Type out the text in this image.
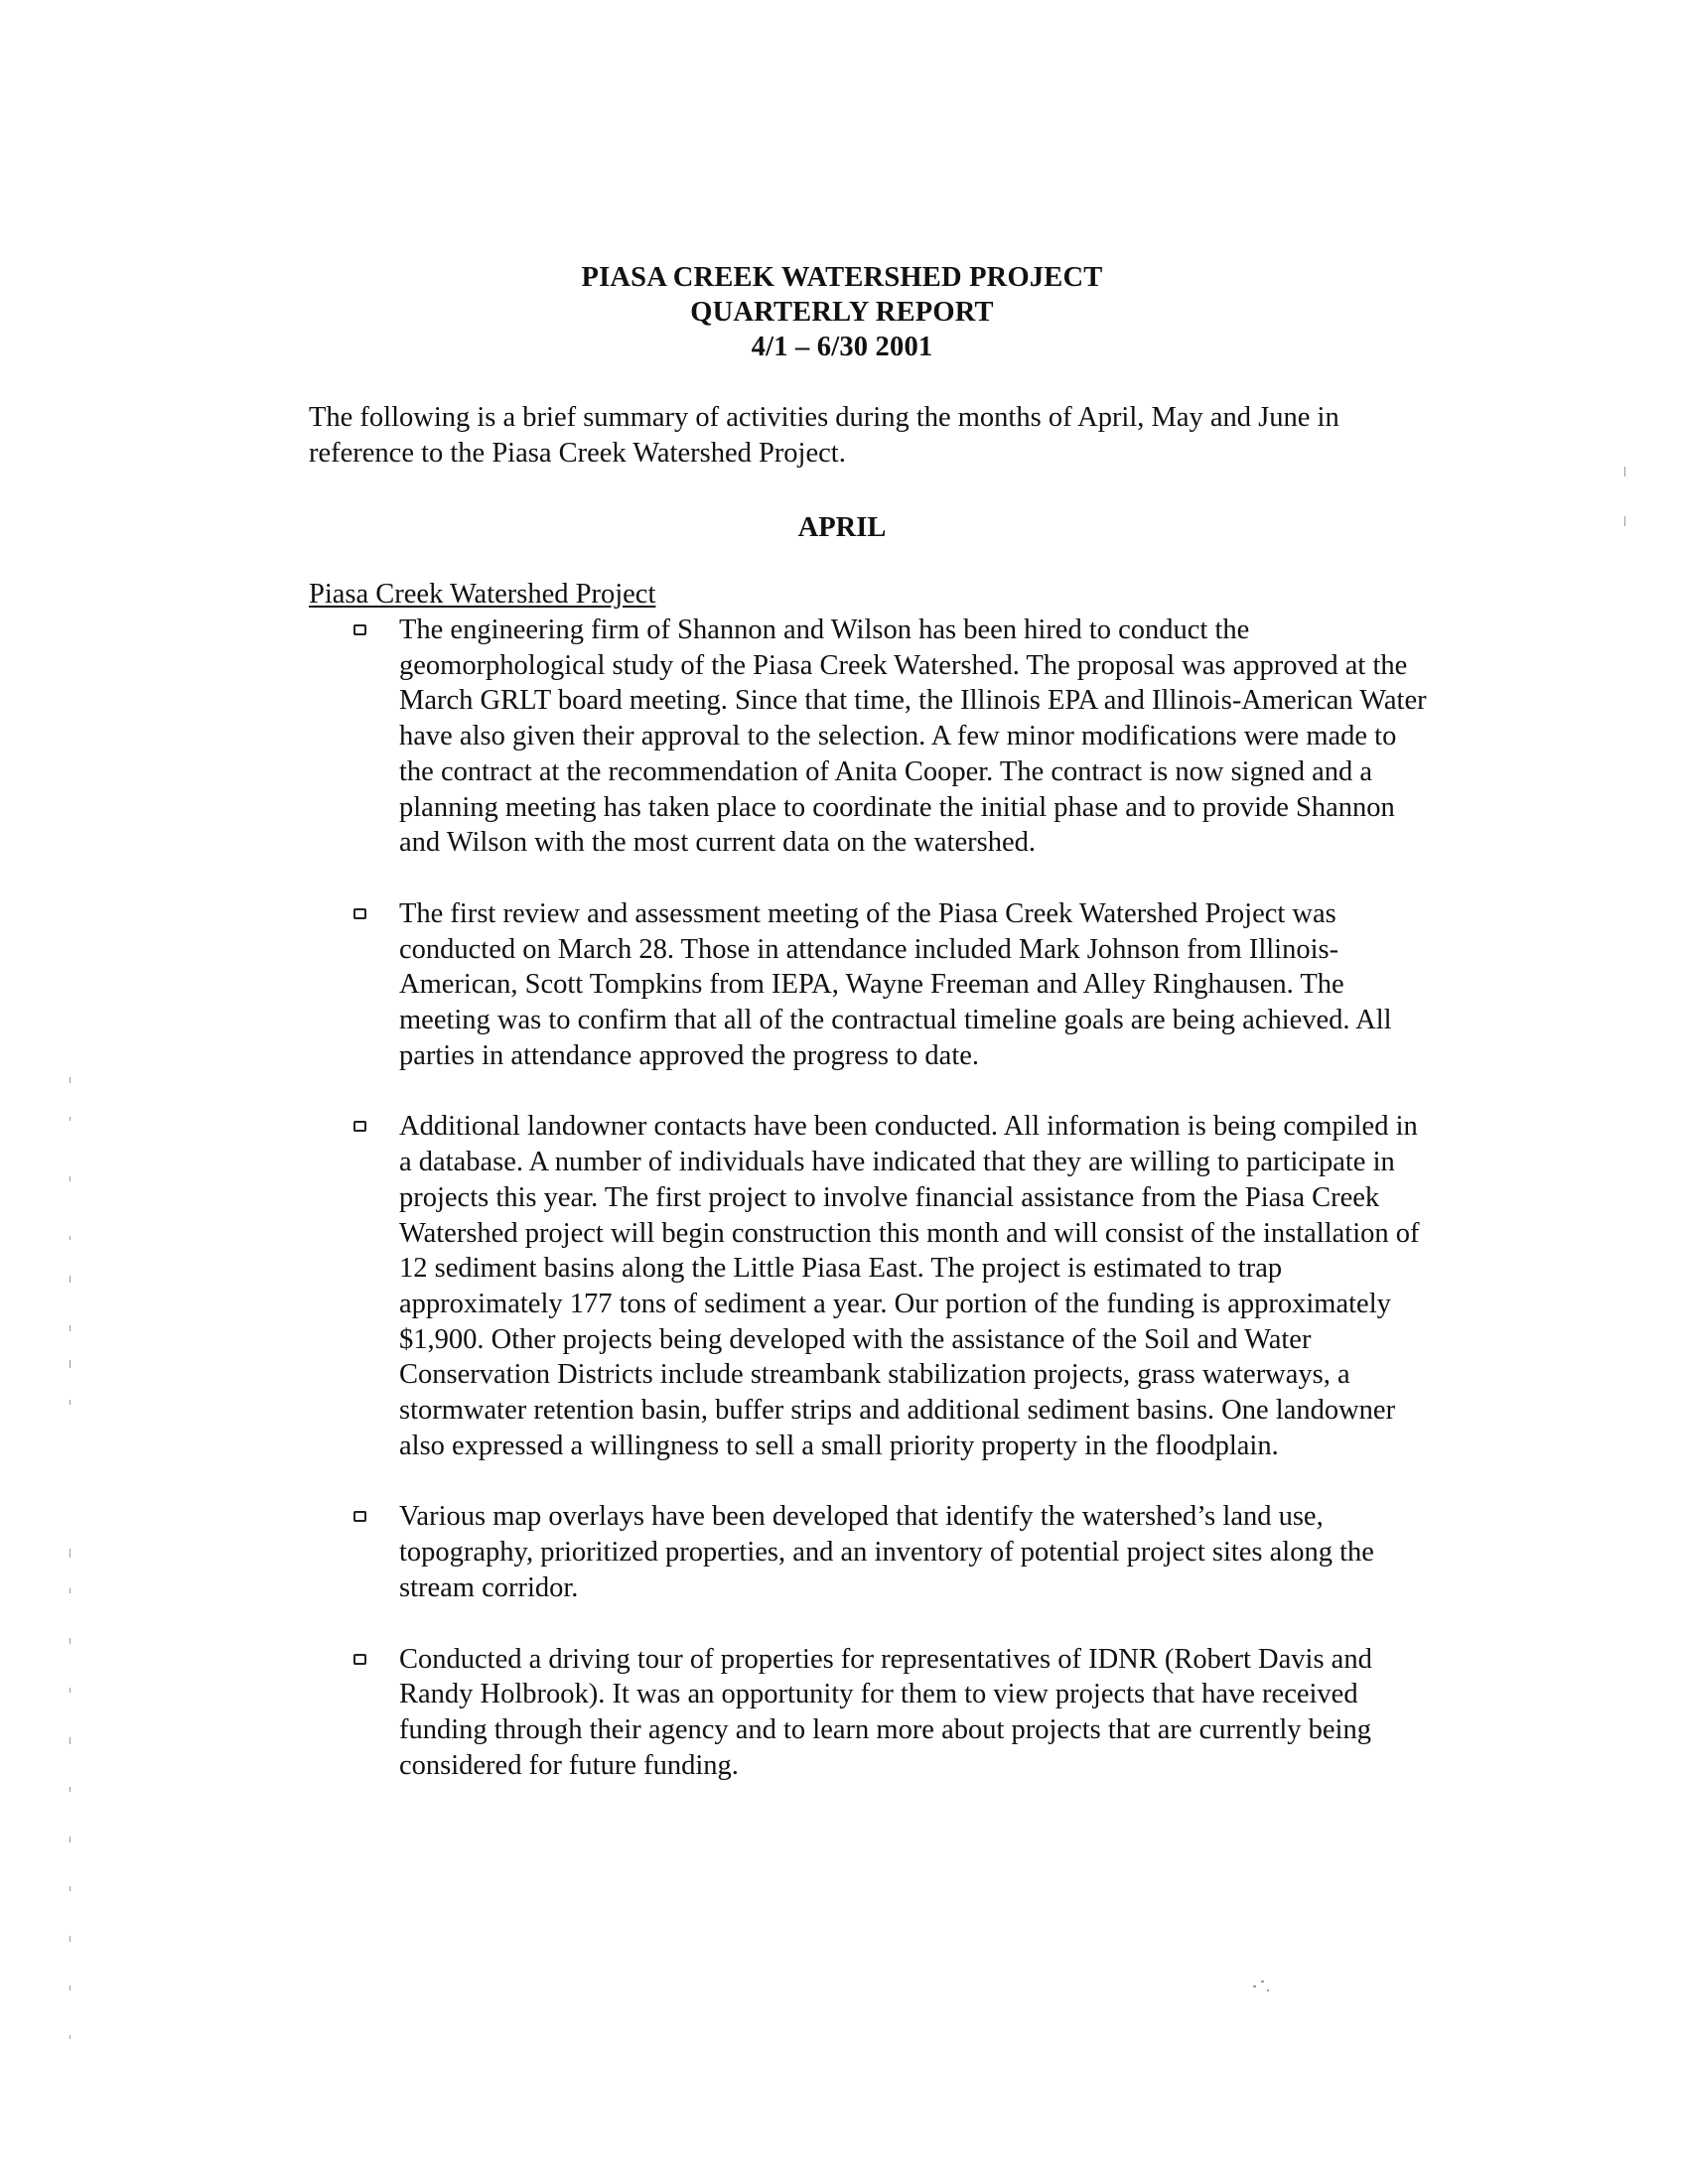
PIASA CREEK WATERSHED PROJECT
QUARTERLY REPORT
4/1 – 6/30 2001

The following is a brief summary of activities during the months of April, May and June in reference to the Piasa Creek Watershed Project.

APRIL
Piasa Creek Watershed Project

The engineering firm of Shannon and Wilson has been hired to conduct the geomorphological study of the Piasa Creek Watershed. The proposal was approved at the March GRLT board meeting. Since that time, the Illinois EPA and Illinois-American Water have also given their approval to the selection. A few minor modifications were made to the contract at the recommendation of Anita Cooper. The contract is now signed and a planning meeting has taken place to coordinate the initial phase and to provide Shannon and Wilson with the most current data on the watershed.

The first review and assessment meeting of the Piasa Creek Watershed Project was conducted on March 28. Those in attendance included Mark Johnson from Illinois-American, Scott Tompkins from IEPA, Wayne Freeman and Alley Ringhausen. The meeting was to confirm that all of the contractual timeline goals are being achieved. All parties in attendance approved the progress to date.

Additional landowner contacts have been conducted. All information is being compiled in a database. A number of individuals have indicated that they are willing to participate in projects this year. The first project to involve financial assistance from the Piasa Creek Watershed project will begin construction this month and will consist of the installation of 12 sediment basins along the Little Piasa East. The project is estimated to trap approximately 177 tons of sediment a year. Our portion of the funding is approximately $1,900. Other projects being developed with the assistance of the Soil and Water Conservation Districts include streambank stabilization projects, grass waterways, a stormwater retention basin, buffer strips and additional sediment basins. One landowner also expressed a willingness to sell a small priority property in the floodplain.

Various map overlays have been developed that identify the watershed’s land use, topography, prioritized properties, and an inventory of potential project sites along the stream corridor.

Conducted a driving tour of properties for representatives of IDNR (Robert Davis and Randy Holbrook). It was an opportunity for them to view projects that have received funding through their agency and to learn more about projects that are currently being considered for future funding.
